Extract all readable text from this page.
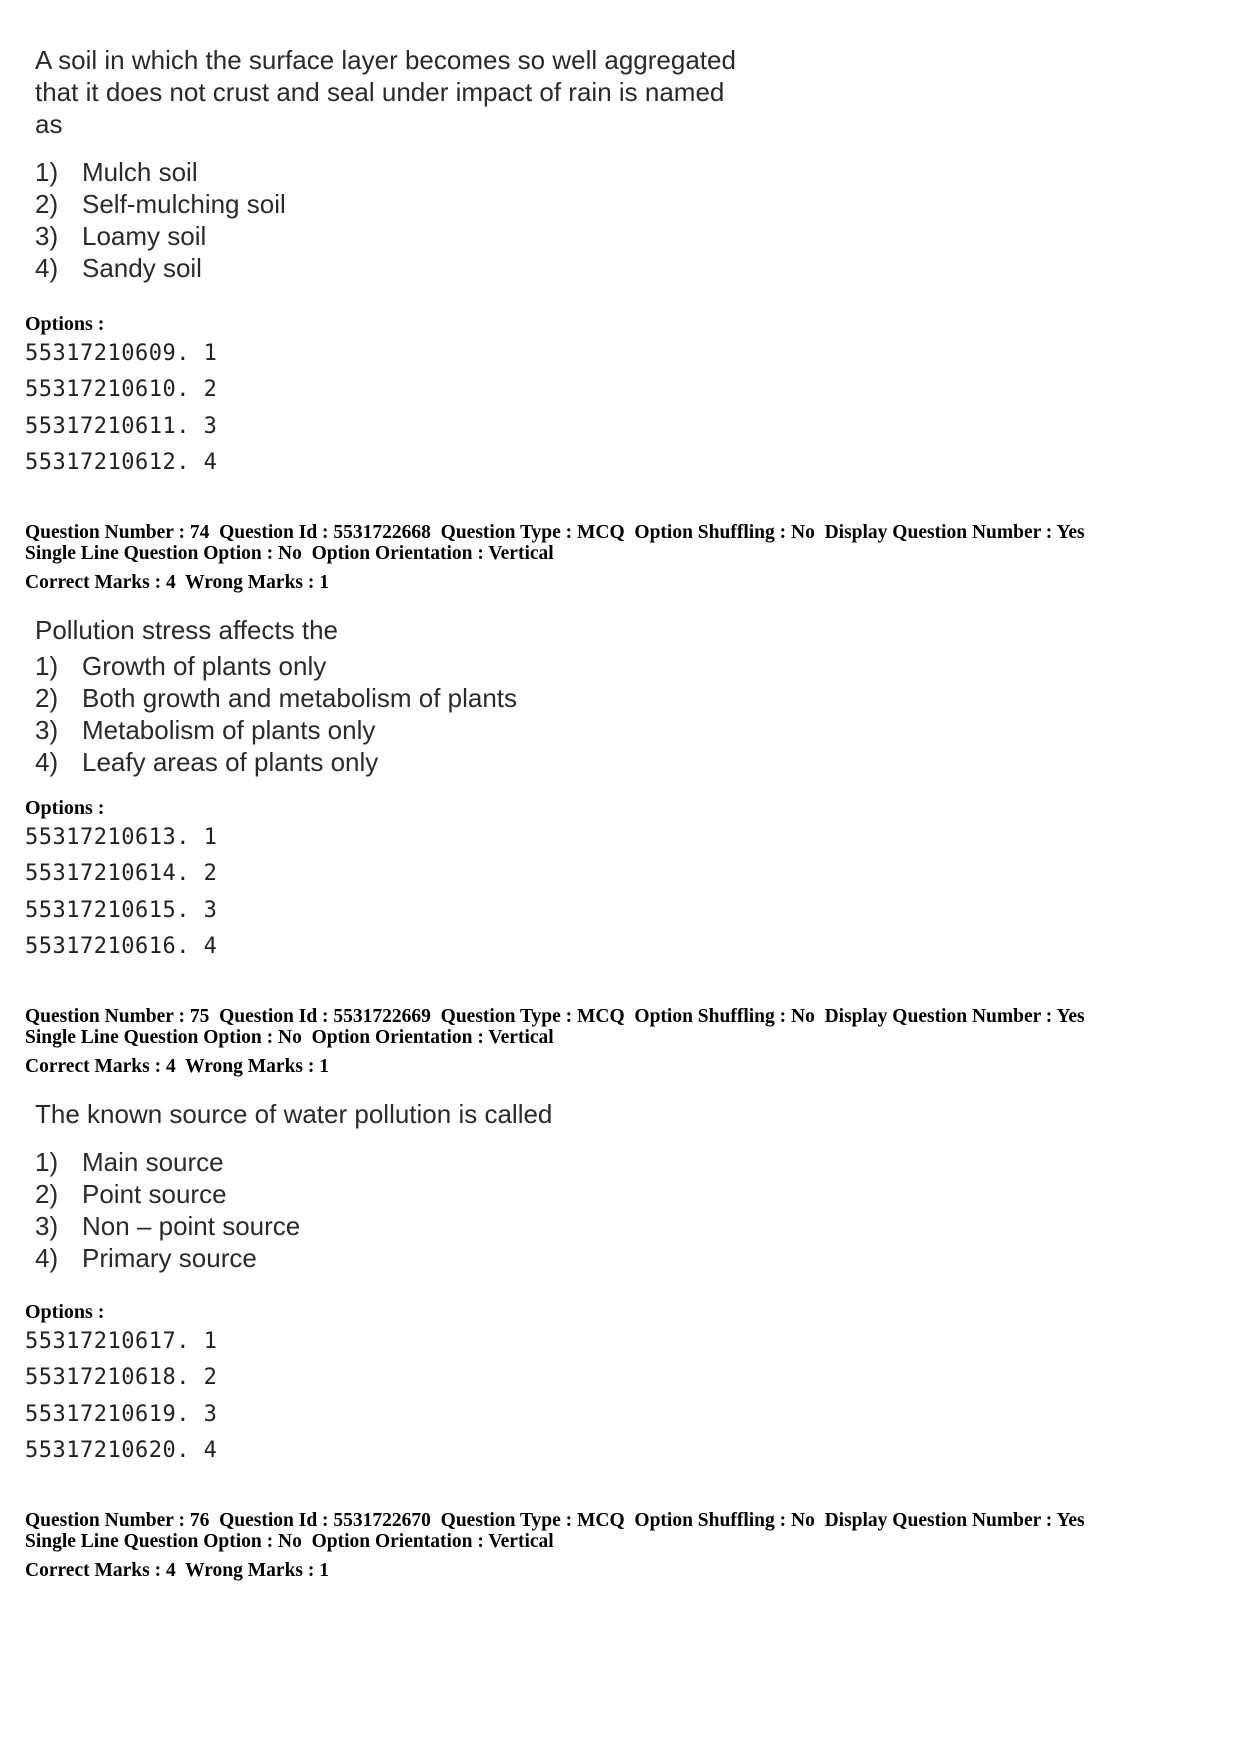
A soil in which the surface layer becomes so well aggregated
that it does not crust and seal under impact of rain is named
as
1) Mulch soil
2) Self-mulching soil
3) Loamy soil
4) Sandy soil
Options :
55317210609. 1
55317210610. 2
55317210611. 3
55317210612. 4
Question Number : 74  Question Id : 5531722668  Question Type : MCQ  Option Shuffling : No  Display Question Number : Yes
Single Line Question Option : No  Option Orientation : Vertical
Correct Marks : 4  Wrong Marks : 1
Pollution stress affects the
1) Growth of plants only
2) Both growth and metabolism of plants
3) Metabolism of plants only
4) Leafy areas of plants only
Options :
55317210613. 1
55317210614. 2
55317210615. 3
55317210616. 4
Question Number : 75  Question Id : 5531722669  Question Type : MCQ  Option Shuffling : No  Display Question Number : Yes
Single Line Question Option : No  Option Orientation : Vertical
Correct Marks : 4  Wrong Marks : 1
The known source of water pollution is called
1) Main source
2) Point source
3) Non – point source
4) Primary source
Options :
55317210617. 1
55317210618. 2
55317210619. 3
55317210620. 4
Question Number : 76  Question Id : 5531722670  Question Type : MCQ  Option Shuffling : No  Display Question Number : Yes
Single Line Question Option : No  Option Orientation : Vertical
Correct Marks : 4  Wrong Marks : 1
